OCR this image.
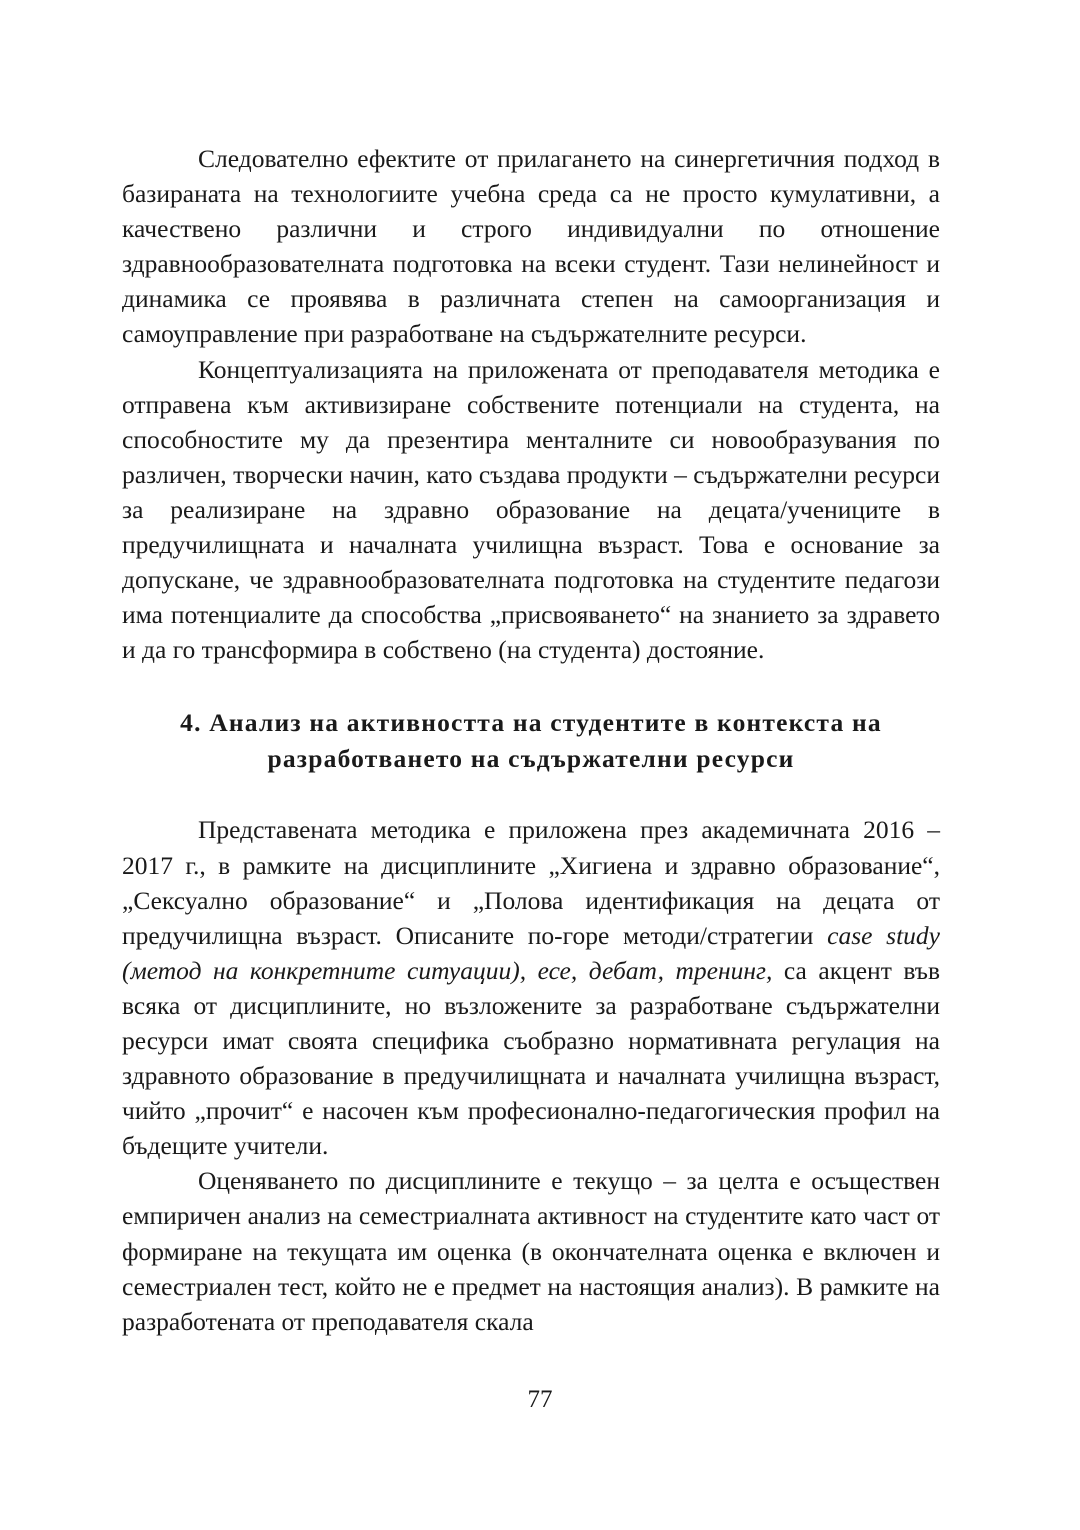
Следователно ефектите от прилагането на синергетичния подход в базираната на технологиите учебна среда са не просто кумулативни, а качествено различни и строго индивидуални по отношение здравнообразователната подготовка на всеки студент. Тази нелинейност и динамика се проявява в различната степен на самоорганизация и самоуправление при разработване на съдържателните ресурси.

Концептуализацията на приложената от преподавателя методика е отправена към активизиране собствените потенциали на студента, на способностите му да презентира менталните си новообразувания по различен, творчески начин, като създава продукти – съдържателни ресурси за реализиране на здравно образование на децата/учениците в предучилищната и началната училищна възраст. Това е основание за допускане, че здравнообразователната подготовка на студентите педагози има потенциалите да способства „присвояването“ на знанието за здравето и да го трансформира в собствено (на студента) достояние.

4. Анализ на активността на студентите в контекста на
разработването на съдържателни ресурси

Представената методика е приложена през академичната 2016 – 2017 г., в рамките на дисциплините „Хигиена и здравно образование“, „Сексуално образование“ и „Полова идентификация на децата от предучилищна възраст. Описаните по-горе методи/стратегии case study (метод на конкретните ситуации), есе, дебат, тренинг, са акцент във всяка от дисциплините, но възложените за разработване съдържателни ресурси имат своята специфика съобразно нормативната регулация на здравното образование в предучилищната и началната училищна възраст, чийто „прочит“ е насочен към професионално-педагогическия профил на бъдещите учители.

Оценяването по дисциплините е текущо – за целта е осъществен емпиричен анализ на семестриалната активност на студентите като част от формиране на текущата им оценка (в окончателната оценка е включен и семестриален тест, който не е предмет на настоящия анализ). В рамките на разработената от преподавателя скала

77
